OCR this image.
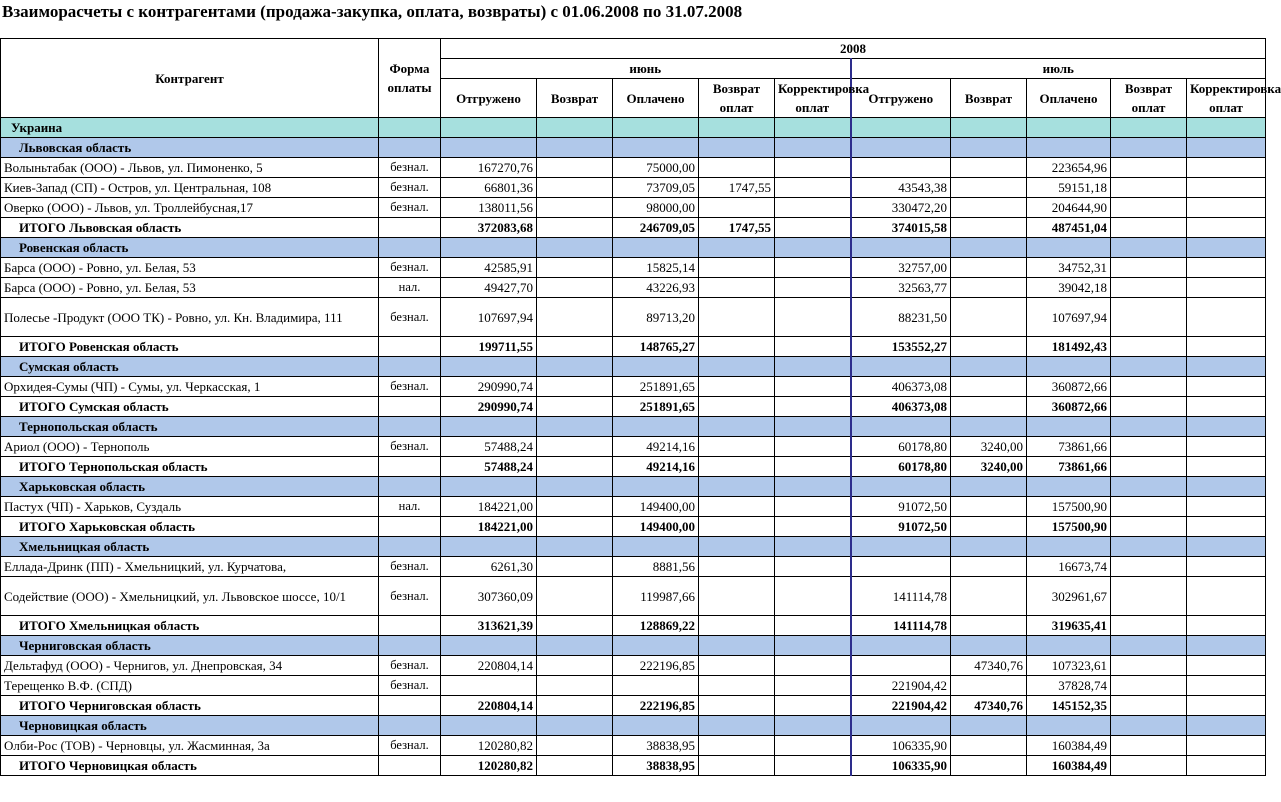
Взаиморасчеты с контрагентами (продажа-закупка, оплата, возвраты) с 01.06.2008 по 31.07.2008
Контрагент	Форма оплаты	2008									
		июнь					июль				
		Отгружено	Возврат	Оплачено	Возврат оплат	Корректировка оплат	Отгружено	Возврат	Оплачено	Возврат оплат	Корректировка оплат
Украина											
Львовская область											
Волыньтабак (ООО) - Львов, ул. Пимоненко, 5	безнал.	167270,76		75000,00					223654,96		
Киев-Запад (СП) - Остров, ул. Центральная, 108	безнал.	66801,36		73709,05	1747,55		43543,38		59151,18		
Оверко (ООО) - Львов, ул. Троллейбусная,17	безнал.	138011,56		98000,00			330472,20		204644,90		
ИТОГО Львовская область		372083,68		246709,05	1747,55		374015,58		487451,04		
Ровенская область											
Барса (ООО) - Ровно, ул. Белая, 53	безнал.	42585,91		15825,14			32757,00		34752,31		
Барса (ООО) - Ровно, ул. Белая, 53	нал.	49427,70		43226,93			32563,77		39042,18		
Полесье -Продукт (ООО ТК) - Ровно, ул. Кн. Владимира, 111	безнал.	107697,94		89713,20			88231,50		107697,94		
ИТОГО Ровенская область		199711,55		148765,27			153552,27		181492,43		
Сумская область											
Орхидея-Сумы (ЧП) - Сумы, ул. Черкасская, 1	безнал.	290990,74		251891,65			406373,08		360872,66		
ИТОГО Сумская область		290990,74		251891,65			406373,08		360872,66		
Тернопольская область											
Ариол (ООО) - Тернополь	безнал.	57488,24		49214,16			60178,80	3240,00	73861,66		
ИТОГО Тернопольская область		57488,24		49214,16			60178,80	3240,00	73861,66		
Харьковская область											
Пастух (ЧП) - Харьков, Суздаль	нал.	184221,00		149400,00			91072,50		157500,90		
ИТОГО Харьковская область		184221,00		149400,00			91072,50		157500,90		
Хмельницкая область											
Еллада-Дринк (ПП) - Хмельницкий, ул. Курчатова,	безнал.	6261,30		8881,56					16673,74		
Содействие (ООО) - Хмельницкий, ул. Львовское шоссе, 10/1	безнал.	307360,09		119987,66			141114,78		302961,67		
ИТОГО Хмельницкая область		313621,39		128869,22			141114,78		319635,41		
Черниговская область											
Дельтафуд (ООО) - Чернигов, ул. Днепровская, 34	безнал.	220804,14		222196,85				47340,76	107323,61		
Терещенко В.Ф. (СПД)	безнал.						221904,42		37828,74		
ИТОГО Черниговская область		220804,14		222196,85			221904,42	47340,76	145152,35		
Черновицкая область											
Олби-Рос (ТОВ) - Черновцы, ул. Жасминная, 3а	безнал.	120280,82		38838,95			106335,90		160384,49		
ИТОГО Черновицкая область		120280,82		38838,95			106335,90		160384,49		
